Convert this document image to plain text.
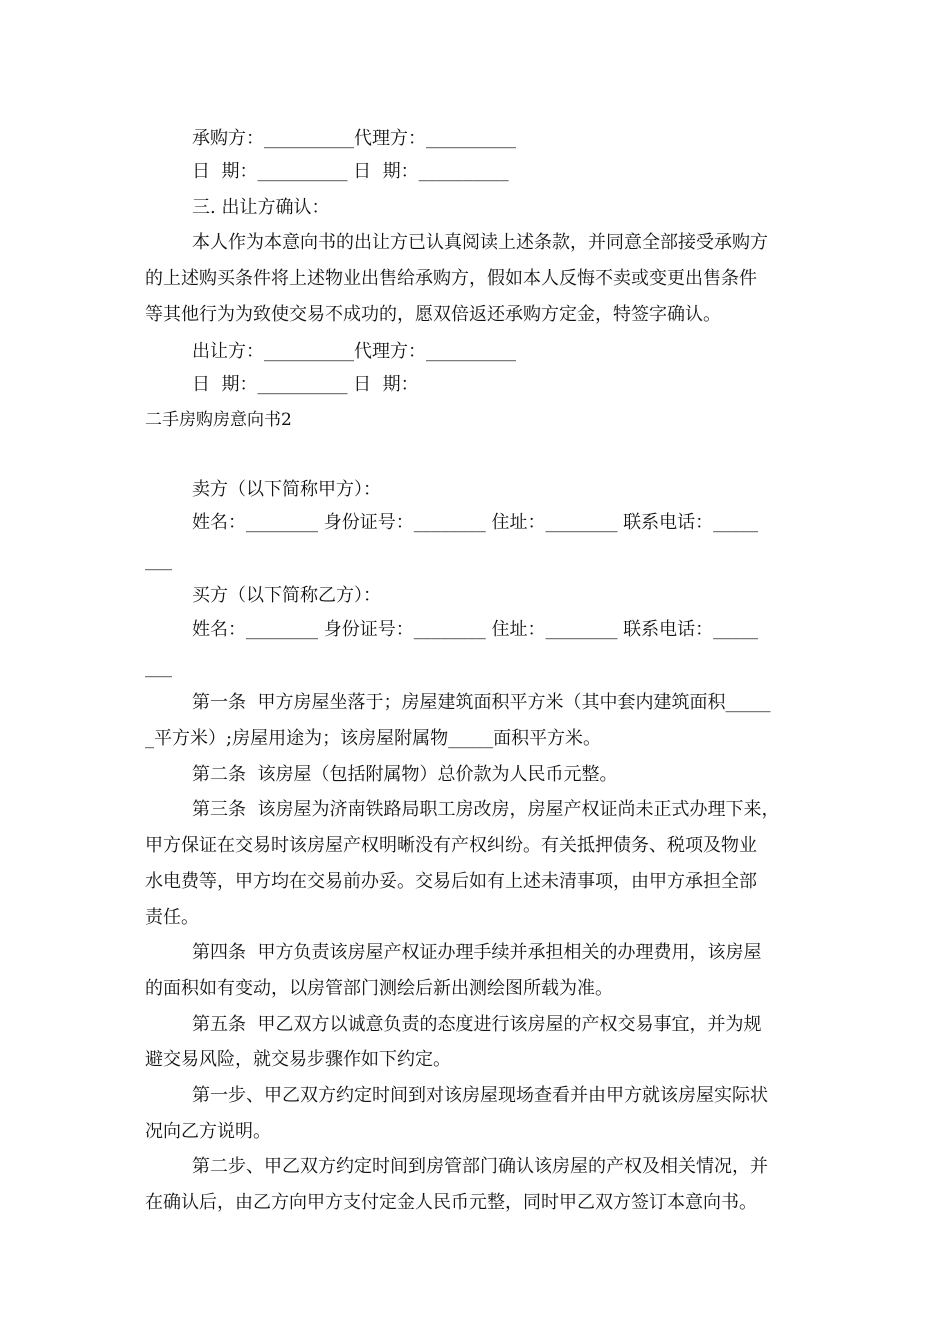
承购方：__________代理方：__________
日  期：__________ 日  期：__________
三. 出让方确认：
本人作为本意向书的出让方已认真阅读上述条款，并同意全部接受承购方
的上述购买条件将上述物业出售给承购方，假如本人反悔不卖或变更出售条件
等其他行为为致使交易不成功的，愿双倍返还承购方定金，特签字确认。
出让方：__________代理方：__________
日  期：__________ 日  期：
二手房购房意向书2
卖方（以下简称甲方）：
姓名：________ 身份证号：________ 住址：________ 联系电话：_____
___
买方（以下简称乙方）：
姓名：________ 身份证号：________ 住址：________ 联系电话：_____
___
第一条  甲方房屋坐落于；房屋建筑面积平方米（其中套内建筑面积_____
_平方米）;房屋用途为；该房屋附属物_____面积平方米。
第二条  该房屋（包括附属物）总价款为人民币元整。
第三条  该房屋为济南铁路局职工房改房，房屋产权证尚未正式办理下来，
甲方保证在交易时该房屋产权明晰没有产权纠纷。有关抵押债务、税项及物业
水电费等，甲方均在交易前办妥。交易后如有上述未清事项，由甲方承担全部
责任。
第四条  甲方负责该房屋产权证办理手续并承担相关的办理费用，该房屋
的面积如有变动，以房管部门测绘后新出测绘图所载为准。
第五条  甲乙双方以诚意负责的态度进行该房屋的产权交易事宜，并为规
避交易风险，就交易步骤作如下约定。
第一步、甲乙双方约定时间到对该房屋现场查看并由甲方就该房屋实际状
况向乙方说明。
第二步、甲乙双方约定时间到房管部门确认该房屋的产权及相关情况，并
在确认后，由乙方向甲方支付定金人民币元整，同时甲乙双方签订本意向书。
